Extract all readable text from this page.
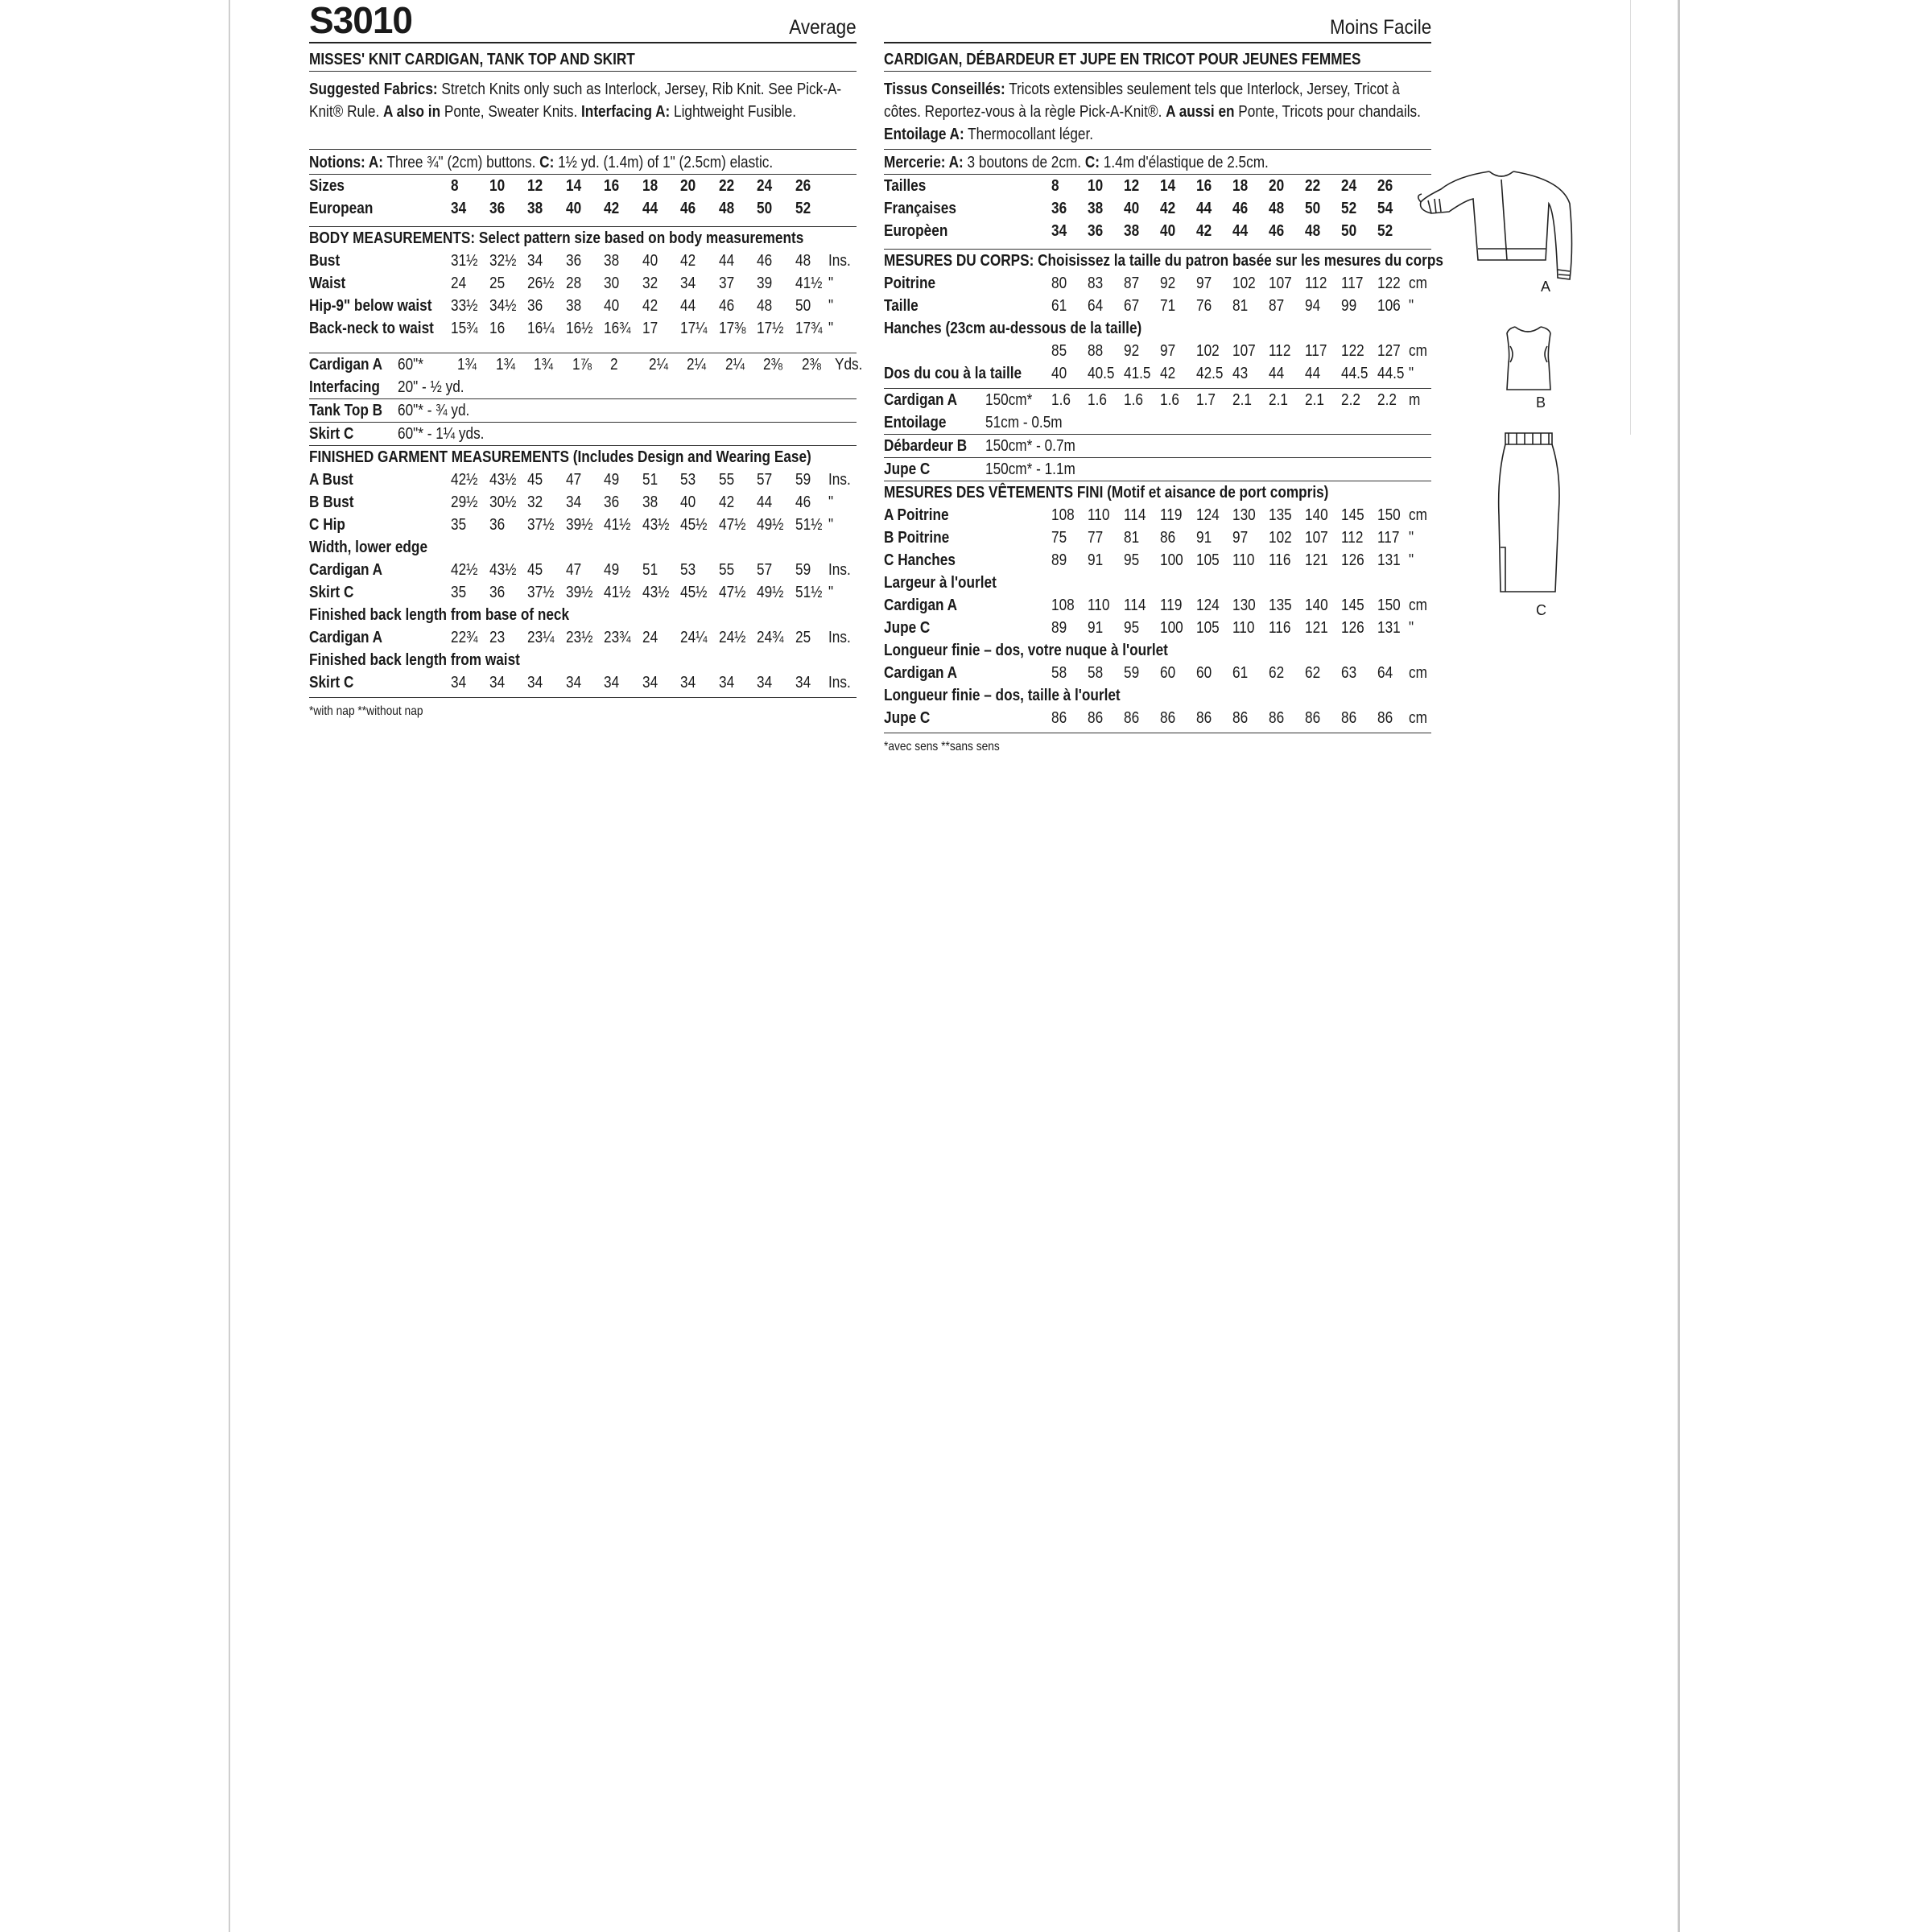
S3010	Average
MISSES' KNIT CARDIGAN, TANK TOP AND SKIRT
Suggested Fabrics: Stretch Knits only such as Interlock, Jersey, Rib Knit. See Pick-A-Knit® Rule. A also in Ponte, Sweater Knits. Interfacing A: Lightweight Fusible.
Notions: A: Three ¾" (2cm) buttons. C: 1½ yd. (1.4m) of 1" (2.5cm) elastic.
Sizes	8 10 12 14 16 18 20 22 24 26
European	34 36 38 40 42 44 46 48 50 52
BODY MEASUREMENTS: Select pattern size based on body measurements
Bust	31½ 32½ 34 36 38 40 42 44 46 48 Ins.
Waist	24 25 26½ 28 30 32 34 37 39 41½ "
Hip-9" below waist 33½ 34½ 36 38 40 42 44 46 48 50 "
Back-neck to waist 15¾ 16 16¼ 16½ 16¾ 17 17¼ 17⅜ 17½ 17¾ "
Cardigan A 60"* 1¾ 1¾ 1¾ 1⅞ 2 2¼ 2¼ 2¼ 2⅜ 2⅜ Yds.
Interfacing 20" - ½ yd.
Tank Top B 60"* - ¾ yd.
Skirt C	60"* - 1¼ yds.
FINISHED GARMENT MEASUREMENTS (Includes Design and Wearing Ease)
A Bust	42½ 43½ 45 47 49 51 53 55 57 59 Ins.
B Bust	29½ 30½ 32 34 36 38 40 42 44 46 "
C Hip	35 36 37½ 39½ 41½ 43½ 45½ 47½ 49½ 51½ "
Width, lower edge
Cardigan A	42½ 43½ 45 47 49 51 53 55 57 59 Ins.
Skirt C	35 36 37½ 39½ 41½ 43½ 45½ 47½ 49½ 51½ "
Finished back length from base of neck
Cardigan A	22¾ 23 23¼ 23½ 23¾ 24 24¼ 24½ 24¾ 25 Ins.
Finished back length from waist
Skirt C	34 34 34 34 34 34 34 34 34 34 Ins.
*with nap **without nap
Moins Facile
CARDIGAN, DÉBARDEUR ET JUPE EN TRICOT POUR JEUNES FEMMES
Tissus Conseillés: Tricots extensibles seulement tels que Interlock, Jersey, Tricot à côtes. Reportez-vous à la règle Pick-A-Knit®. A aussi en Ponte, Tricots pour chandails. Entoilage A: Thermocollant léger.
Mercerie: A: 3 boutons de 2cm. C: 1.4m d'élastique de 2.5cm.
Tailles	8 10 12 14 16 18 20 22 24 26
Françaises	36 38 40 42 44 46 48 50 52 54
Europèen	34 36 38 40 42 44 46 48 50 52
MESURES DU CORPS: Choisissez la taille du patron basée sur les mesures du corps
Poitrine	80 83 87 92 97 102 107 112 117 122 cm
Taille	61 64 67 71 76 81 87 94 99 106 "
Hanches (23cm au-dessous de la taille)
85 88 92 97 102 107 112 117 122 127 cm
Dos du cou à la taille 40 40.5 41.5 42 42.5 43 44 44 44.5 44.5 "
Cardigan A 150cm* 1.6 1.6 1.6 1.6 1.7 2.1 2.1 2.1 2.2 2.2 m
Entoilage 51cm - 0.5m
Débardeur B 150cm* - 0.7m
Jupe C	150cm* - 1.1m
MESURES DES VÊTEMENTS FINI (Motif et aisance de port compris)
A Poitrine	108 110 114 119 124 130 135 140 145 150 cm
B Poitrine	75 77 81 86 91 97 102 107 112 117 "
C Hanches	89 91 95 100 105 110 116 121 126 131 "
Largeur à l'ourlet
Cardigan A	108 110 114 119 124 130 135 140 145 150 cm
Jupe C	89 91 95 100 105 110 116 121 126 131 "
Longueur finie – dos, votre nuque à l'ourlet
Cardigan A	58 58 59 60 60 61 62 62 63 64 cm
Longueur finie – dos, taille à l'ourlet
Jupe C	86 86 86 86 86 86 86 86 86 86 cm
*avec sens **sans sens
A
B
C
